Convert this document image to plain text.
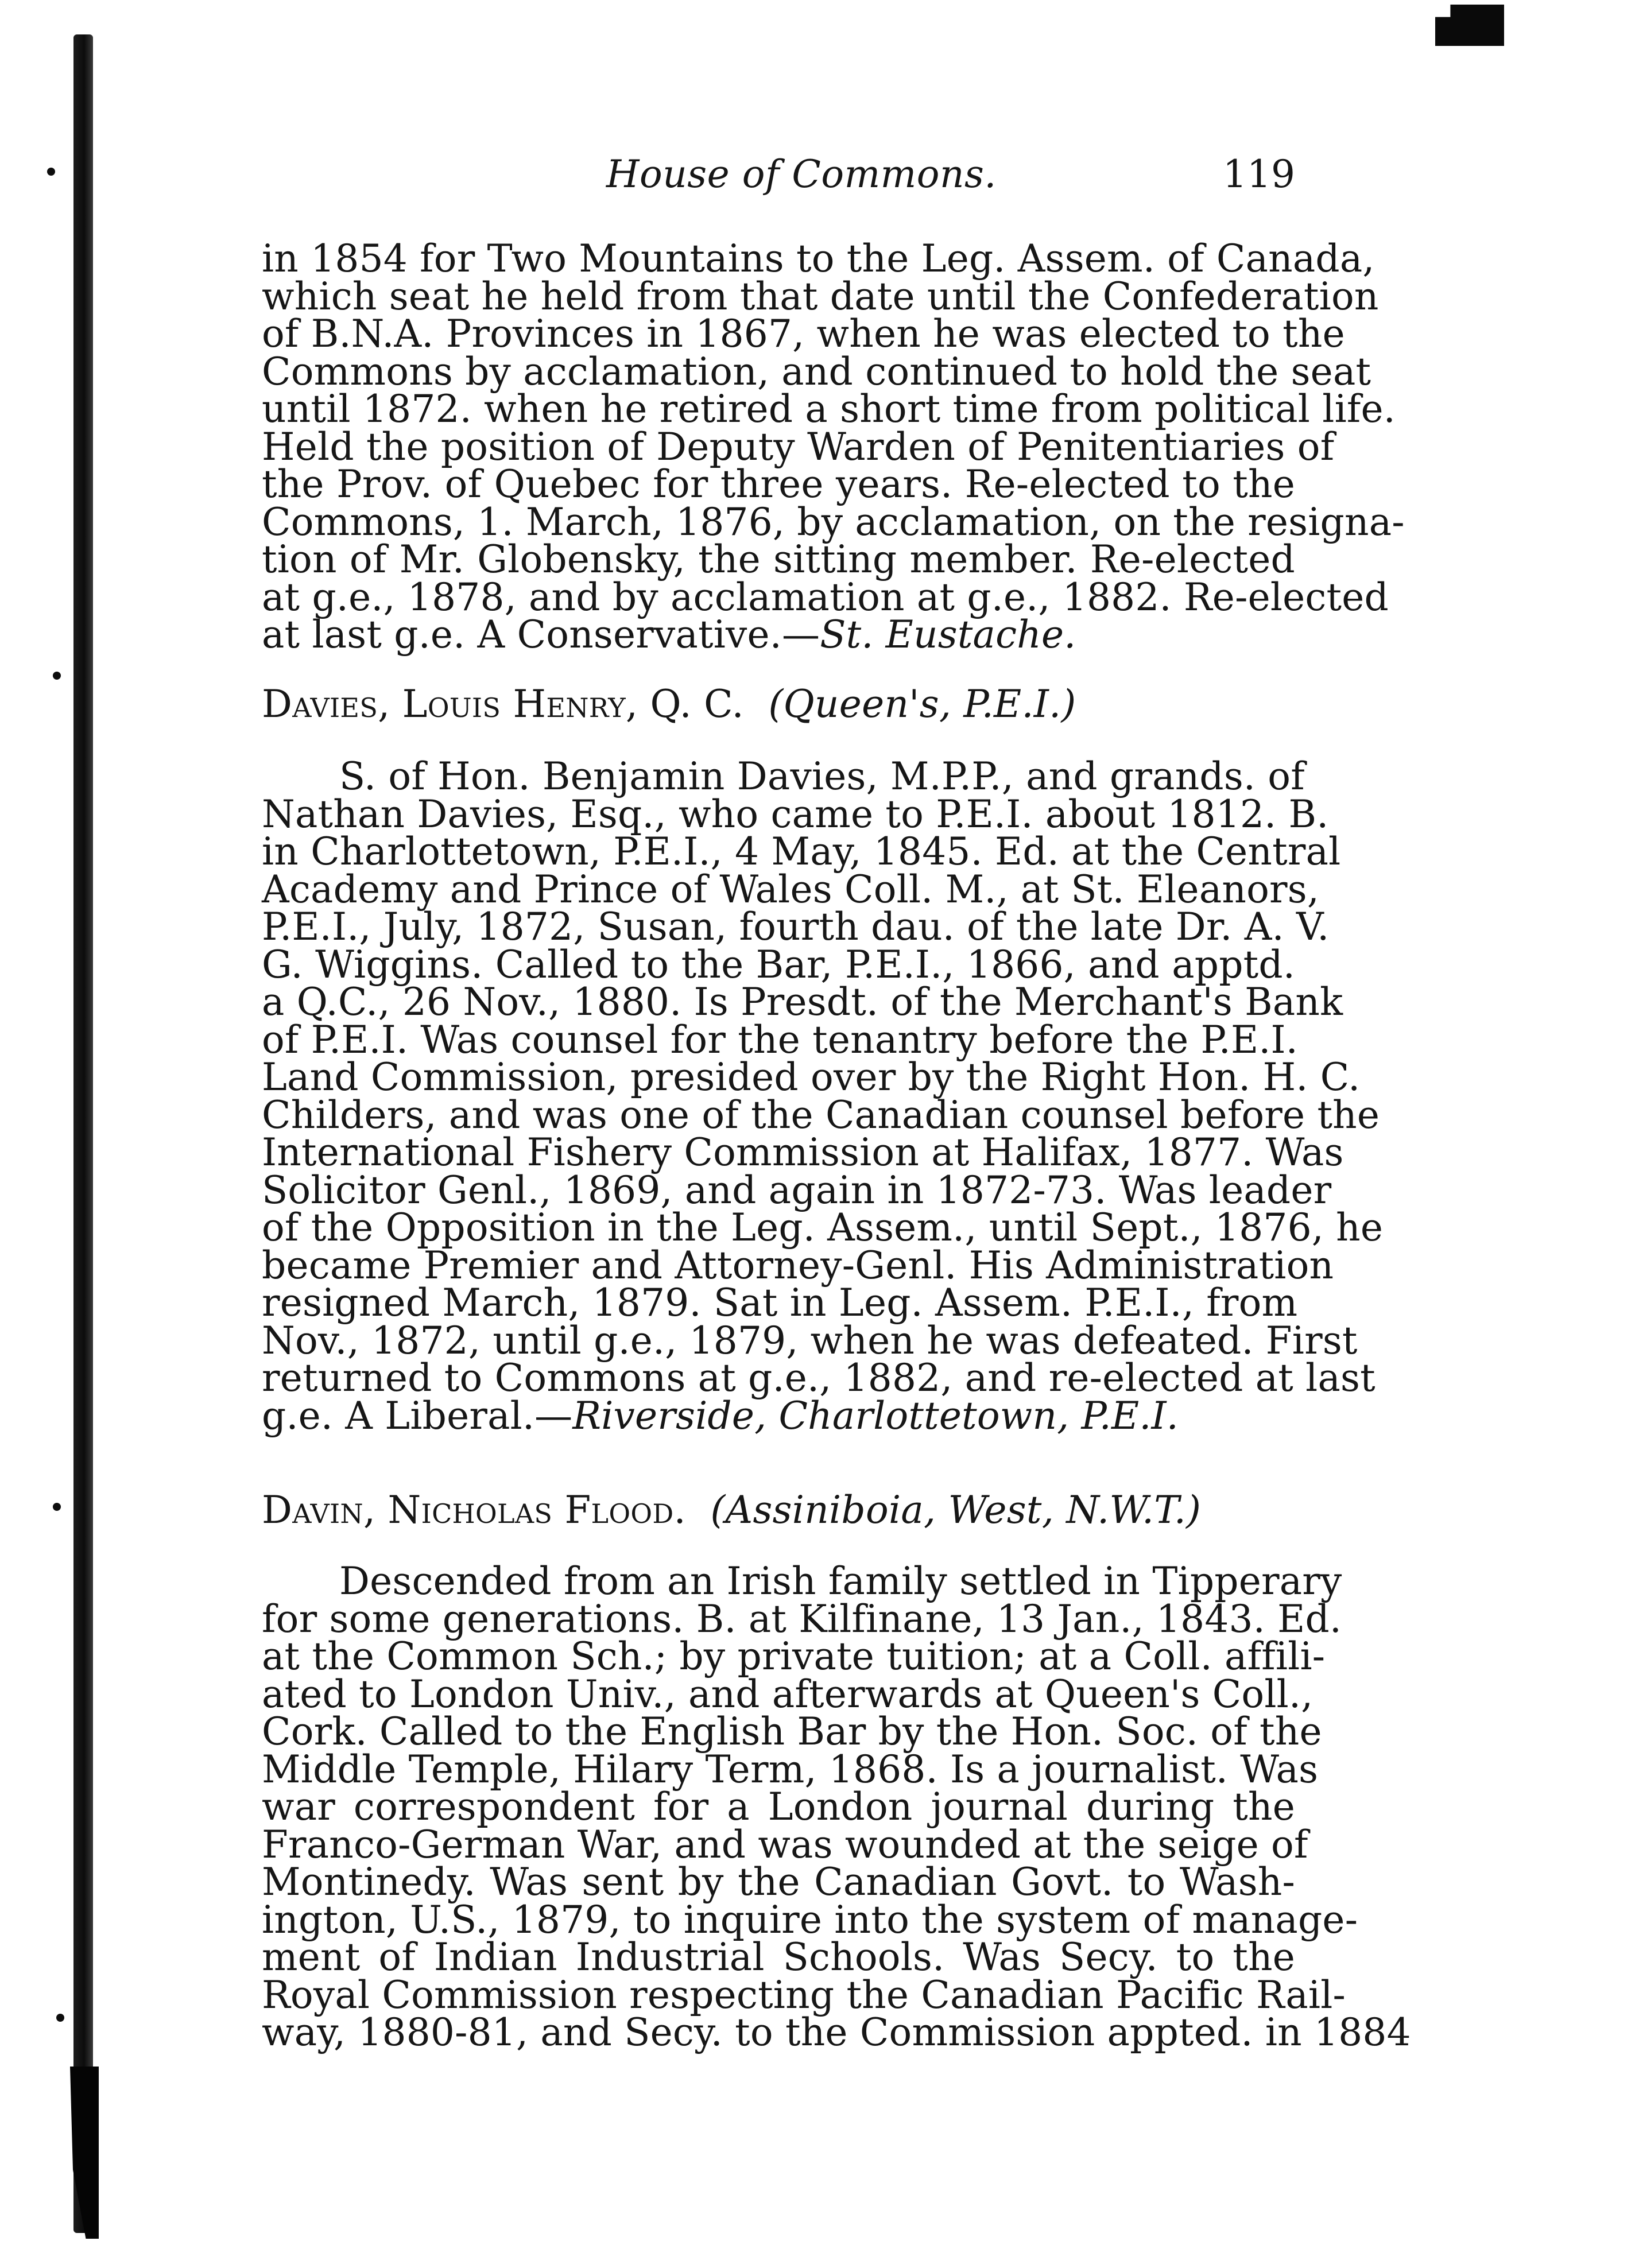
House of Commons.	119
in 1854 for Two Mountains to the Leg. Assem. of Canada,
which seat he held from that date until the Confederation
of B.N.A. Provinces in 1867, when he was elected to the
Commons by acclamation, and continued to hold the seat
until 1872. when he retired a short time from political life.
Held the position of Deputy Warden of Penitentiaries of
the Prov. of Quebec for three years. Re-elected to the
Commons, 1. March, 1876, by acclamation, on the resigna-
tion of Mr. Globensky, the sitting member. Re-elected
at g.e., 1878, and by acclamation at g.e., 1882. Re-elected
at last g.e. A Conservative.—St. Eustache.
Davies, Louis Henry, Q. C. (Queen's, P.E.I.)
S. of Hon. Benjamin Davies, M.P.P., and grands. of
Nathan Davies, Esq., who came to P.E.I. about 1812. B.
in Charlottetown, P.E.I., 4 May, 1845. Ed. at the Central
Academy and Prince of Wales Coll. M., at St. Eleanors,
P.E.I., July, 1872, Susan, fourth dau. of the late Dr. A. V.
G. Wiggins. Called to the Bar, P.E.I., 1866, and apptd.
a Q.C., 26 Nov., 1880. Is Presdt. of the Merchant's Bank
of P.E.I. Was counsel for the tenantry before the P.E.I.
Land Commission, presided over by the Right Hon. H. C.
Childers, and was one of the Canadian counsel before the
International Fishery Commission at Halifax, 1877. Was
Solicitor Genl., 1869, and again in 1872-73. Was leader
of the Opposition in the Leg. Assem., until Sept., 1876, he
became Premier and Attorney-Genl. His Administration
resigned March, 1879. Sat in Leg. Assem. P.E.I., from
Nov., 1872, until g.e., 1879, when he was defeated. First
returned to Commons at g.e., 1882, and re-elected at last
g.e. A Liberal.—Riverside, Charlottetown, P.E.I.
Davin, Nicholas Flood. (Assiniboia, West, N.W.T.)
Descended from an Irish family settled in Tipperary
for some generations. B. at Kilfinane, 13 Jan., 1843. Ed.
at the Common Sch.; by private tuition; at a Coll. affili-
ated to London Univ., and afterwards at Queen's Coll.,
Cork. Called to the English Bar by the Hon. Soc. of the
Middle Temple, Hilary Term, 1868. Is a journalist. Was
war correspondent for a London journal during the
Franco-German War, and was wounded at the seige of
Montinedy. Was sent by the Canadian Govt. to Wash-
ington, U.S., 1879, to inquire into the system of manage-
ment of Indian Industrial Schools. Was Secy. to the
Royal Commission respecting the Canadian Pacific Rail-
way, 1880-81, and Secy. to the Commission appted. in 1884
